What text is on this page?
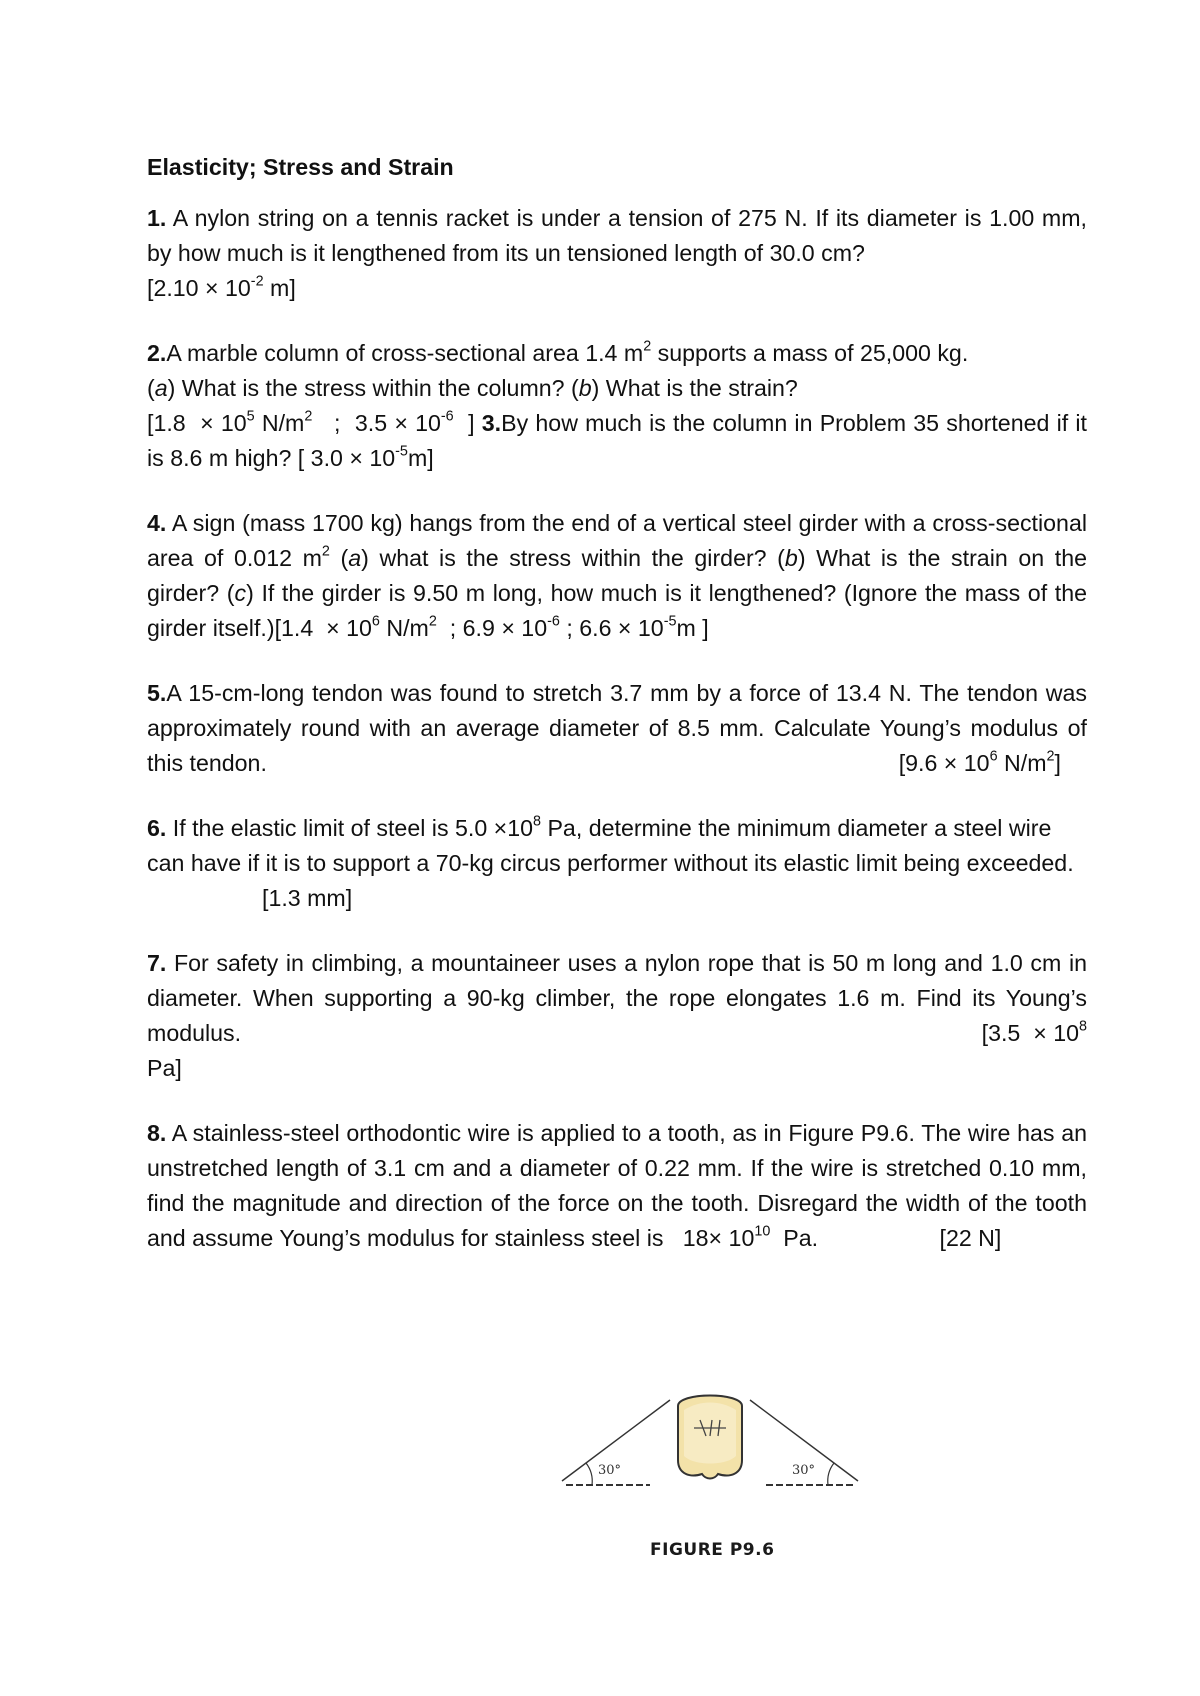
Elasticity; Stress and Strain
1. A nylon string on a tennis racket is under a tension of 275 N. If its diameter is 1.00 mm, by how much is it lengthened from its un tensioned length of 30.0 cm?
[$2.10 \times 10^{-2}$ m]
2.A marble column of cross-sectional area 1.4 $m^2$ supports a mass of 25,000 kg.
(a) What is the stress within the column? (b) What is the strain?
[$1.8 \times 10^5$ $N/m^2$   ;  $3.5 \times 10^{-6}$  ] 3.By how much is the column in Problem 35 shortened if it is 8.6 m high? [ $3.0 \times 10^{-5}m$]
4. A sign (mass 1700 kg) hangs from the end of a vertical steel girder with a cross-sectional area of 0.012 $m^2$ (a) what is the stress within the girder? (b) What is the strain on the girder? (c) If the girder is 9.50 m long, how much is it lengthened? (Ignore the mass of the girder itself.)[1.4  × $10^6$ $N/m^2$  ; $6.9 \times 10^{-6}$ ; $6.6 \times 10^{-5}m$ ]
5.A 15-cm-long tendon was found to stretch 3.7 mm by a force of 13.4 N. The tendon was approximately round with an average diameter of 8.5 mm. Calculate Young’s modulus of this tendon.	[$9.6 \times 10^6$ $N/m^2$]
6. If the elastic limit of steel is $5.0 \times 10^8$ Pa, determine the minimum diameter a steel wire can have if it is to support a 70-kg circus performer without its elastic limit being exceeded. [1.3 mm]
7. For safety in climbing, a mountaineer uses a nylon rope that is 50 m long and 1.0 cm in diameter. When supporting a 90-kg climber, the rope elongates 1.6 m. Find its Young’s modulus.	[$3.5 \times 10^8$

Pa]
8. A stainless-steel orthodontic wire is applied to a tooth, as in Figure P9.6. The wire has an unstretched length of 3.1 cm and a diameter of 0.22 mm. If the wire is stretched 0.10 mm, find the magnitude and direction of the force on the tooth. Disregard the width of the tooth and assume Young’s modulus for stainless steel is   $18\times 10^{10}$  Pa.	[22 N]
30°	30°
FIGURE P9.6
